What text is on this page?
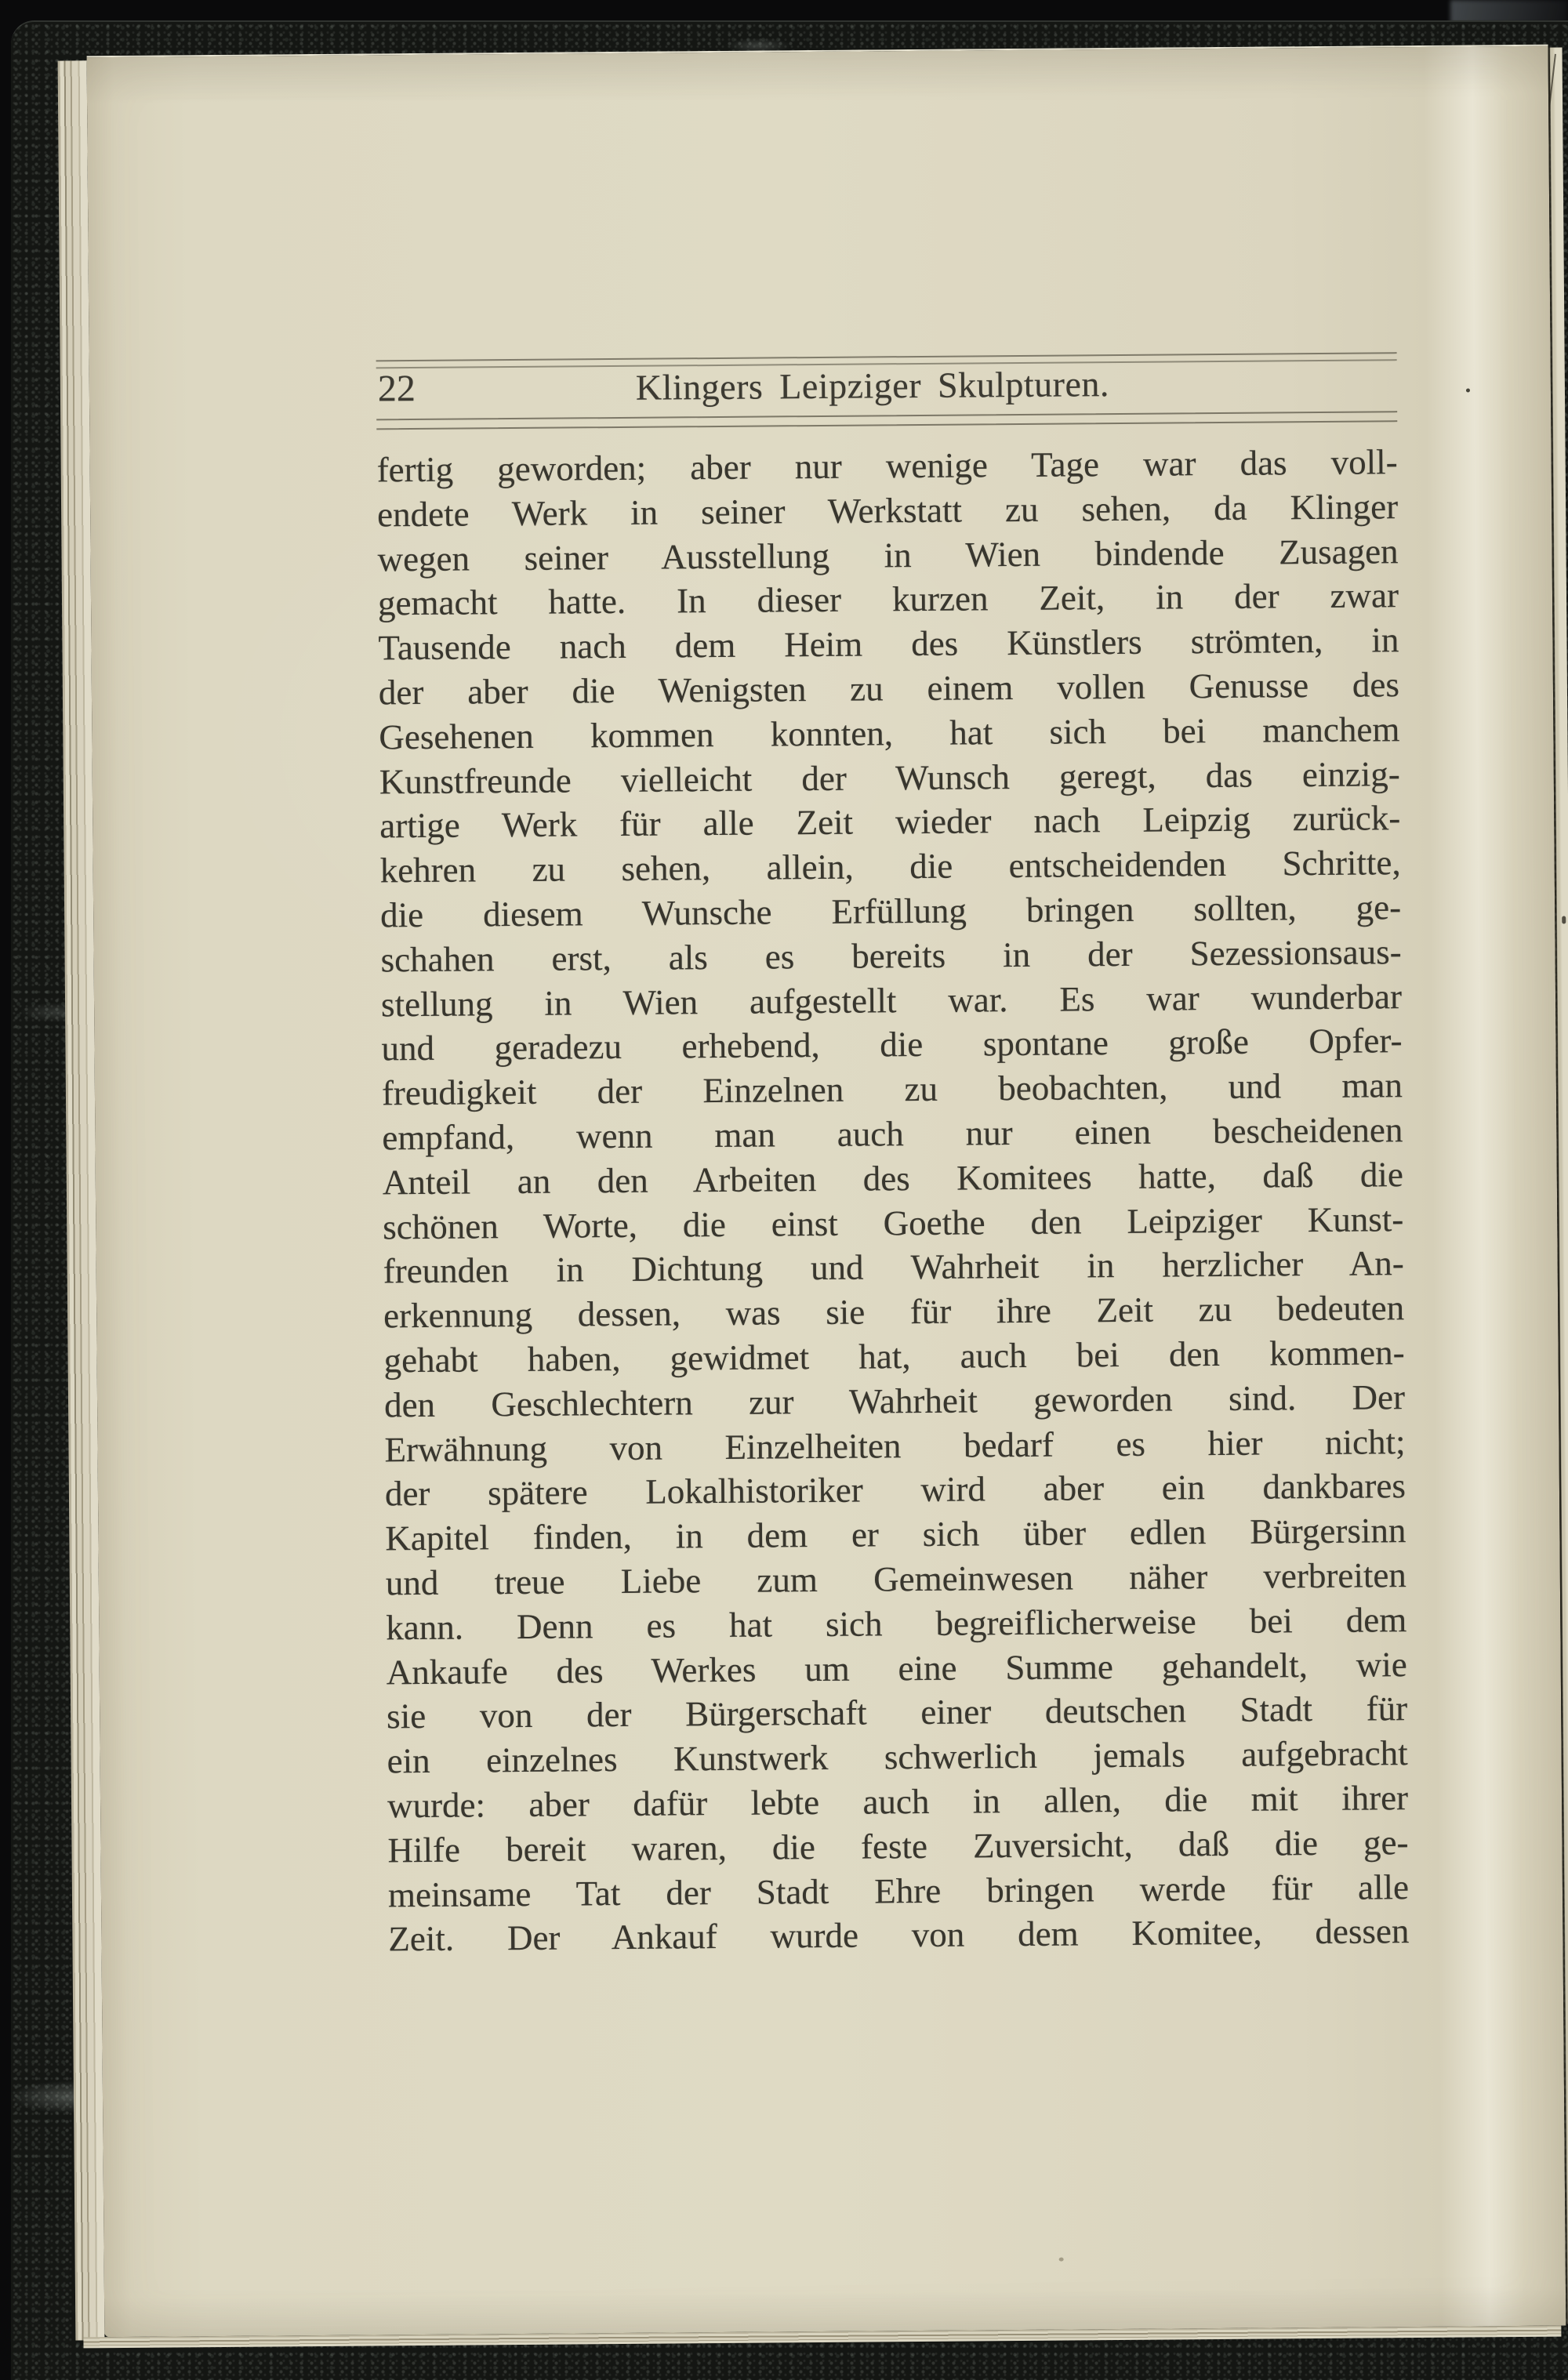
22	Klingers Leipziger Skulpturen.
fertig geworden; aber nur wenige Tage war das voll-
endete Werk in seiner Werkstatt zu sehen, da Klinger
wegen seiner Ausstellung in Wien bindende Zusagen
gemacht hatte. In dieser kurzen Zeit, in der zwar
Tausende nach dem Heim des Künstlers strömten, in
der aber die Wenigsten zu einem vollen Genusse des
Gesehenen kommen konnten, hat sich bei manchem
Kunstfreunde vielleicht der Wunsch geregt, das einzig-
artige Werk für alle Zeit wieder nach Leipzig zurück-
kehren zu sehen, allein, die entscheidenden Schritte,
die diesem Wunsche Erfüllung bringen sollten, ge-
schahen erst, als es bereits in der Sezessionsaus-
stellung in Wien aufgestellt war. Es war wunderbar
und geradezu erhebend, die spontane große Opfer-
freudigkeit der Einzelnen zu beobachten, und man
empfand, wenn man auch nur einen bescheidenen
Anteil an den Arbeiten des Komitees hatte, daß die
schönen Worte, die einst Goethe den Leipziger Kunst-
freunden in Dichtung und Wahrheit in herzlicher An-
erkennung dessen, was sie für ihre Zeit zu bedeuten
gehabt haben, gewidmet hat, auch bei den kommen-
den Geschlechtern zur Wahrheit geworden sind. Der
Erwähnung von Einzelheiten bedarf es hier nicht;
der spätere Lokalhistoriker wird aber ein dankbares
Kapitel finden, in dem er sich über edlen Bürgersinn
und treue Liebe zum Gemeinwesen näher verbreiten
kann. Denn es hat sich begreiflicherweise bei dem
Ankaufe des Werkes um eine Summe gehandelt, wie
sie von der Bürgerschaft einer deutschen Stadt für
ein einzelnes Kunstwerk schwerlich jemals aufgebracht
wurde: aber dafür lebte auch in allen, die mit ihrer
Hilfe bereit waren, die feste Zuversicht, daß die ge-
meinsame Tat der Stadt Ehre bringen werde für alle
Zeit. Der Ankauf wurde von dem Komitee, dessen
